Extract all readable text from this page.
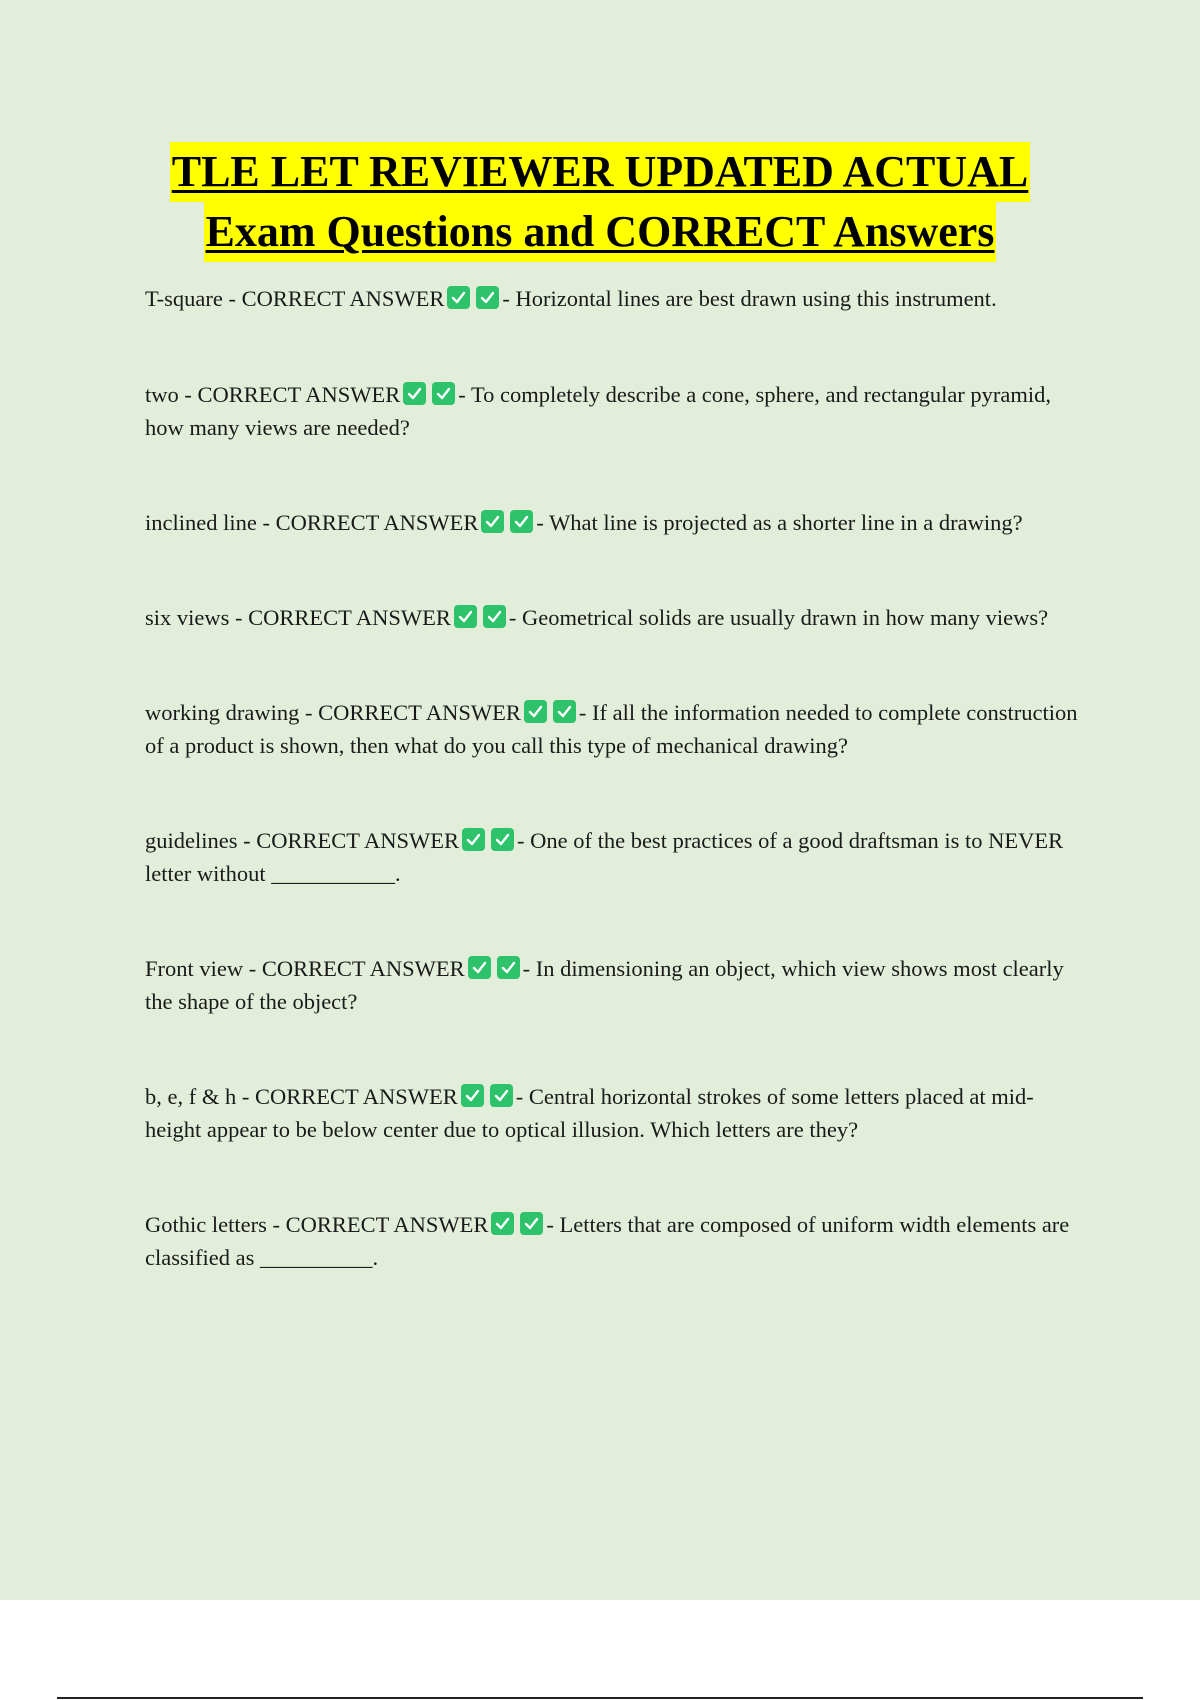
TLE LET REVIEWER UPDATED ACTUAL
Exam Questions and CORRECT Answers

T-square - CORRECT ANSWER	- Horizontal lines are best drawn using this instrument.

two - CORRECT ANSWER	- To completely describe a cone, sphere, and rectangular pyramid, how many views are needed?

inclined line - CORRECT ANSWER	- What line is projected as a shorter line in a drawing?

six views - CORRECT ANSWER	- Geometrical solids are usually drawn in how many views?

working drawing - CORRECT ANSWER	- If all the information needed to complete construction of a product is shown, then what do you call this type of mechanical drawing?

guidelines - CORRECT ANSWER	- One of the best practices of a good draftsman is to NEVER letter without ___________.

Front view - CORRECT ANSWER	- In dimensioning an object, which view shows most clearly the shape of the object?

b, e, f & h - CORRECT ANSWER	- Central horizontal strokes of some letters placed at mid-height appear to be below center due to optical illusion. Which letters are they?

Gothic letters - CORRECT ANSWER	- Letters that are composed of uniform width elements are classified as __________.
